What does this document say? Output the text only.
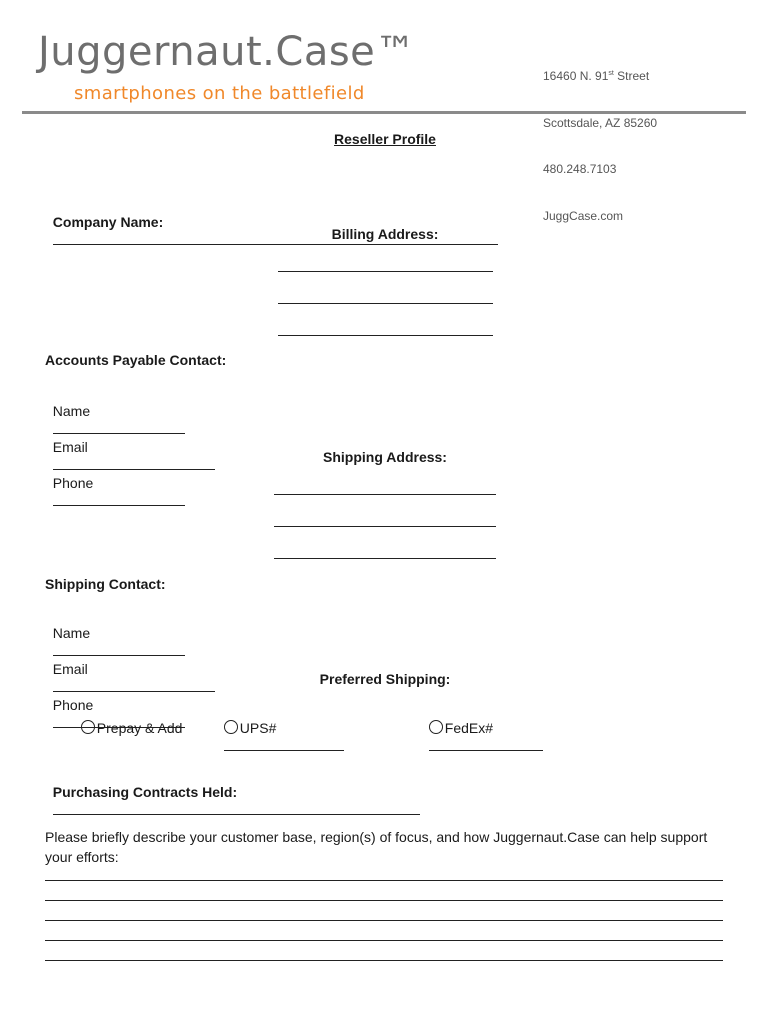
Juggernaut.Case™
smartphones on the battlefield

16460 N. 91st Street

Scottsdale, AZ 85260

480.248.7103

JuggCase.com

Reseller Profile

Company Name:

Billing Address:
Accounts Payable Contact:

Name

Email

Phone

Shipping Address:
Shipping Contact:

Name

Email

Phone

Preferred Shipping:

Prepay & Add	UPS#
	FedEx#

Purchasing Contracts Held:

Please briefly describe your customer base, region(s) of focus, and how Juggernaut.Case can help support
your efforts:
